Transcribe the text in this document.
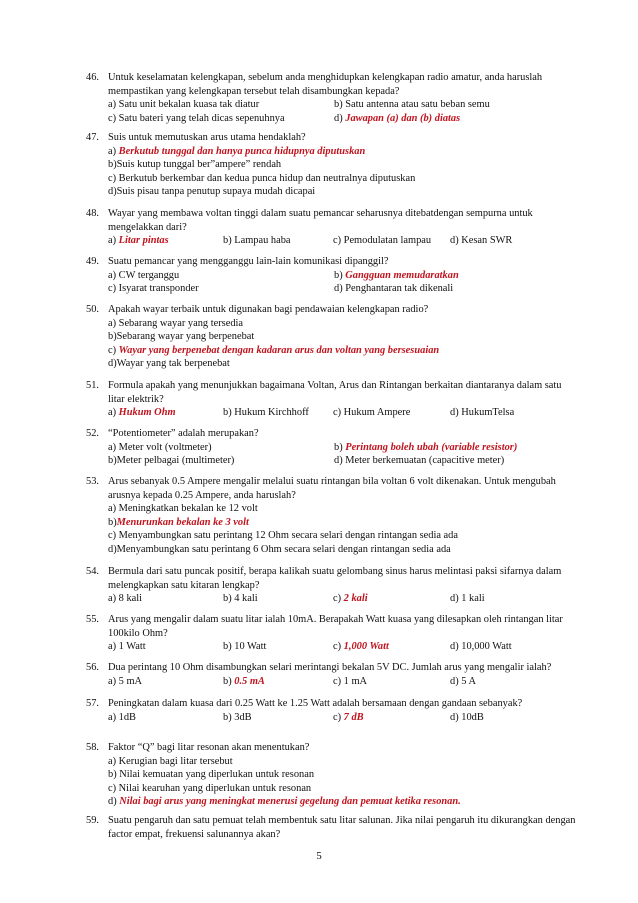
46. Untuk keselamatan kelengkapan, sebelum anda menghidupkan kelengkapan radio amatur, anda haruslah
mempastikan yang kelengkapan tersebut telah disambungkan kepada?
a) Satu unit bekalan kuasa tak diatur	b) Satu antenna atau satu beban semu
c) Satu bateri yang telah dicas sepenuhnya	d) Jawapan (a) dan (b) diatas
47. Suis untuk memutuskan arus utama hendaklah?
a) Berkutub tunggal dan hanya punca hidupnya diputuskan
b)Suis kutup tunggal ber”ampere” rendah
c) Berkutub berkembar dan kedua punca hidup dan neutralnya diputuskan
d)Suis pisau tanpa penutup supaya mudah dicapai
48. Wayar yang membawa voltan tinggi dalam suatu pemancar seharusnya ditebatdengan sempurna untuk
mengelakkan dari?
a) Litar pintas	b) Lampau haba	c) Pemodulatan lampau d) Kesan SWR
49. Suatu pemancar yang mengganggu lain-lain komunikasi dipanggil?
a) CW terganggu	b) Gangguan memudaratkan
c) Isyarat transponder	d) Penghantaran tak dikenali
50. Apakah wayar terbaik untuk digunakan bagi pendawaian kelengkapan radio?
a) Sebarang wayar yang tersedia
b)Sebarang wayar yang berpenebat
c) Wayar yang berpenebat dengan kadaran arus dan voltan yang bersesuaian
d)Wayar yang tak berpenebat
51. Formula apakah yang menunjukkan bagaimana Voltan, Arus dan Rintangan berkaitan diantaranya dalam satu
litar elektrik?
a) Hukum Ohm	b) Hukum Kirchhoff c) Hukum Ampere	d) HukumTelsa
52. “Potentiometer” adalah merupakan?
a) Meter volt (voltmeter)	b) Perintang boleh ubah (variable resistor)
b)Meter pelbagai (multimeter)	d) Meter berkemuatan (capacitive meter)
53. Arus sebanyak 0.5 Ampere mengalir melalui suatu rintangan bila voltan 6 volt dikenakan. Untuk mengubah
arusnya kepada 0.25 Ampere, anda haruslah?
a) Meningkatkan bekalan ke 12 volt
b)Menurunkan bekalan ke 3 volt
c) Menyambungkan satu perintang 12 Ohm secara selari dengan rintangan sedia ada
d)Menyambungkan satu perintang 6 Ohm secara selari dengan rintangan sedia ada
54. Bermula dari satu puncak positif, berapa kalikah suatu gelombang sinus harus melintasi paksi sifarnya dalam
melengkapkan satu kitaran lengkap?
a) 8 kali	b) 4 kali	c) 2 kali	d) 1 kali
55. Arus yang mengalir dalam suatu litar ialah 10mA. Berapakah Watt kuasa yang dilesapkan oleh rintangan litar
100kilo Ohm?
a) 1 Watt	b) 10 Watt	c) 1,000 Watt	d) 10,000 Watt
56. Dua perintang 10 Ohm disambungkan selari merintangi bekalan 5V DC. Jumlah arus yang mengalir ialah?
a) 5 mA	b) 0.5 mA	c) 1 mA	d) 5 A
57. Peningkatan dalam kuasa dari 0.25 Watt ke 1.25 Watt adalah bersamaan dengan gandaan sebanyak?
a) 1dB	b) 3dB	c) 7 dB	d) 10dB
58. Faktor “Q” bagi litar resonan akan menentukan?
a) Kerugian bagi litar tersebut
b) Nilai kemuatan yang diperlukan untuk resonan
c) Nilai kearuhan yang diperlukan untuk resonan
d) Nilai bagi arus yang meningkat menerusi gegelung dan pemuat ketika resonan.
59. Suatu pengaruh dan satu pemuat telah membentuk satu litar salunan. Jika nilai pengaruh itu dikurangkan dengan
factor empat, frekuensi salunannya akan?
5
